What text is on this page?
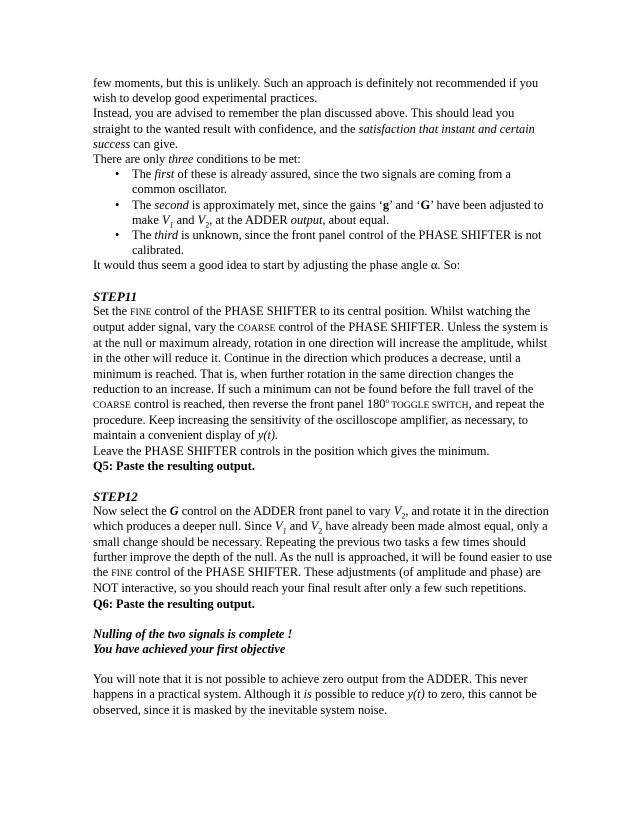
few moments, but this is unlikely. Such an approach is definitely not recommended if you wish to develop good experimental practices.

Instead, you are advised to remember the plan discussed above. This should lead you straight to the wanted result with confidence, and the satisfaction that instant and certain success can give.

There are only three conditions to be met:

• The first of these is already assured, since the two signals are coming from a common oscillator.
• The second is approximately met, since the gains ‘g’ and ‘G’ have been adjusted to make $V_1$ and $V_2$, at the ADDER output, about equal.
• The third is unknown, since the front panel control of the PHASE SHIFTER is not calibrated.

It would thus seem a good idea to start by adjusting the phase angle α. So:

STEP11

Set the FINE control of the PHASE SHIFTER to its central position. Whilst watching the output adder signal, vary the COARSE control of the PHASE SHIFTER. Unless the system is at the null or maximum already, rotation in one direction will increase the amplitude, whilst in the other will reduce it. Continue in the direction which produces a decrease, until a minimum is reached. That is, when further rotation in the same direction changes the reduction to an increase. If such a minimum can not be found before the full travel of the COARSE control is reached, then reverse the front panel 180$^o$ TOGGLE SWITCH, and repeat the procedure. Keep increasing the sensitivity of the oscilloscope amplifier, as necessary, to maintain a convenient display of y(t).

Leave the PHASE SHIFTER controls in the position which gives the minimum.

Q5: Paste the resulting output.

STEP12

Now select the G control on the ADDER front panel to vary $V_2$, and rotate it in the direction which produces a deeper null. Since $V_1$ and $V_2$ have already been made almost equal, only a small change should be necessary. Repeating the previous two tasks a few times should further improve the depth of the null. As the null is approached, it will be found easier to use the FINE control of the PHASE SHIFTER. These adjustments (of amplitude and phase) are NOT interactive, so you should reach your final result after only a few such repetitions.

Q6: Paste the resulting output.

Nulling of the two signals is complete !

You have achieved your first objective

You will note that it is not possible to achieve zero output from the ADDER. This never happens in a practical system. Although it is possible to reduce y(t) to zero, this cannot be observed, since it is masked by the inevitable system noise.
